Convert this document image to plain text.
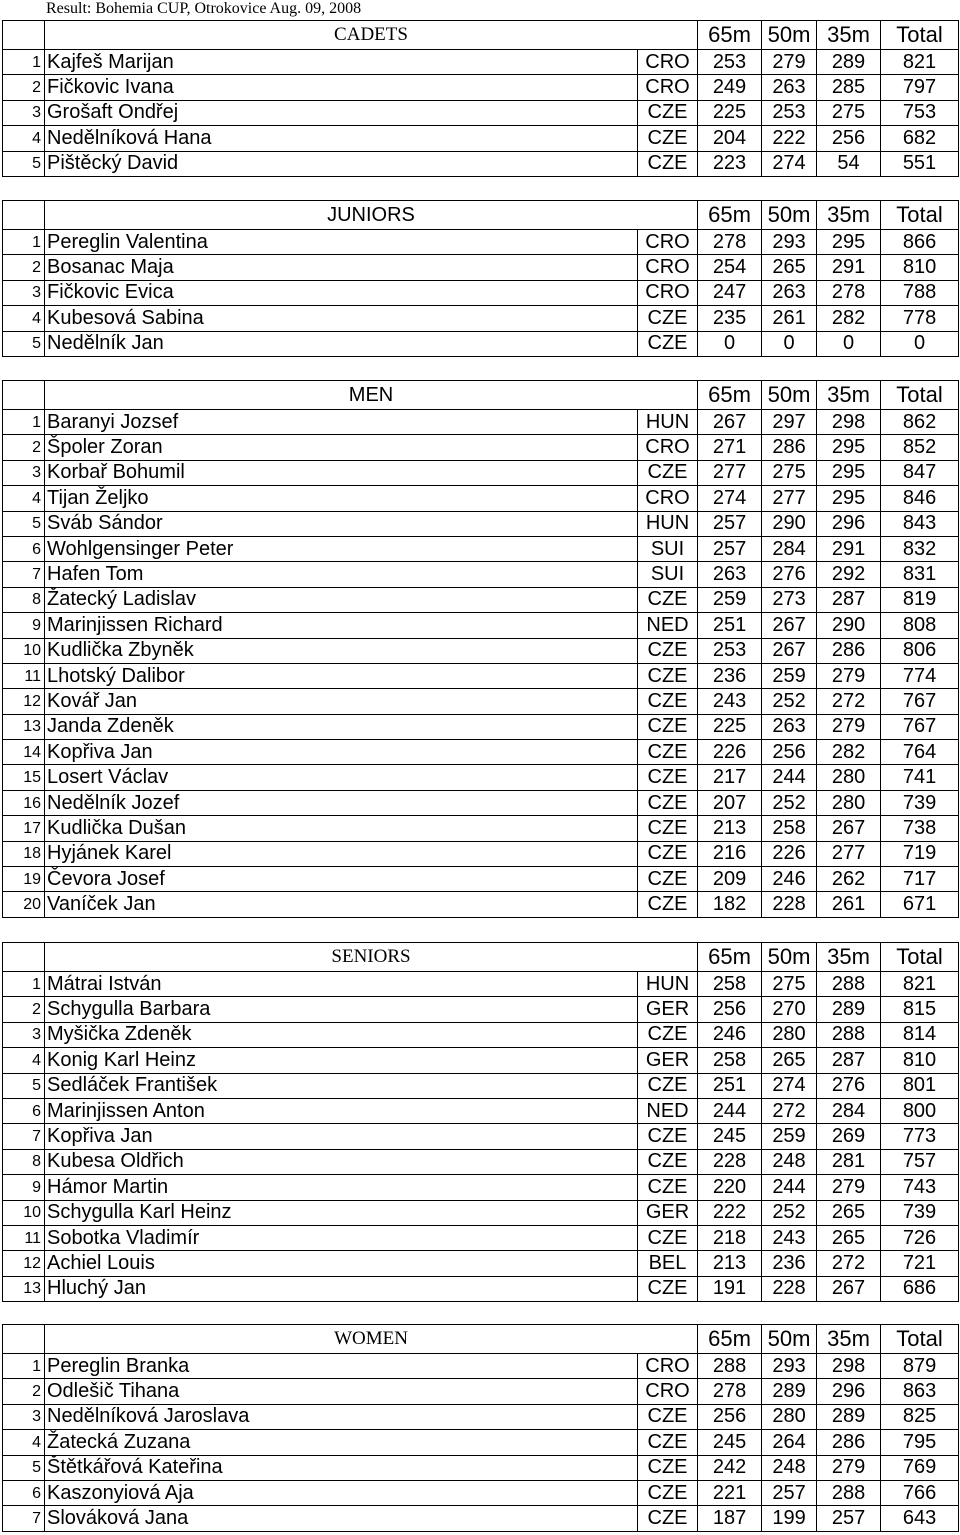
Result: Bohemia CUP, Otrokovice Aug. 09, 2008
	CADETS		65m	50m	35m	Total
1	Kajfeš Marijan	CRO	253	279	289	821
2	Fičkovic Ivana	CRO	249	263	285	797
3	Grošaft Ondřej	CZE	225	253	275	753
4	Nedělníková Hana	CZE	204	222	256	682
5	Pištěcký David	CZE	223	274	54	551
	JUNIORS		65m	50m	35m	Total
1	Pereglin Valentina	CRO	278	293	295	866
2	Bosanac Maja	CRO	254	265	291	810
3	Fičkovic Evica	CRO	247	263	278	788
4	Kubesová Sabina	CZE	235	261	282	778
5	Nedělník Jan	CZE	0	0	0	0
	MEN		65m	50m	35m	Total
1	Baranyi Jozsef	HUN	267	297	298	862
2	Špoler Zoran	CRO	271	286	295	852
3	Korbař Bohumil	CZE	277	275	295	847
4	Tijan Željko	CRO	274	277	295	846
5	Sváb Sándor	HUN	257	290	296	843
6	Wohlgensinger Peter	SUI	257	284	291	832
7	Hafen Tom	SUI	263	276	292	831
8	Žatecký Ladislav	CZE	259	273	287	819
9	Marinjissen Richard	NED	251	267	290	808
10	Kudlička Zbyněk	CZE	253	267	286	806
11	Lhotský Dalibor	CZE	236	259	279	774
12	Kovář Jan	CZE	243	252	272	767
13	Janda Zdeněk	CZE	225	263	279	767
14	Kopřiva Jan	CZE	226	256	282	764
15	Losert Václav	CZE	217	244	280	741
16	Nedělník Jozef	CZE	207	252	280	739
17	Kudlička Dušan	CZE	213	258	267	738
18	Hyjánek Karel	CZE	216	226	277	719
19	Čevora Josef	CZE	209	246	262	717
20	Vaníček Jan	CZE	182	228	261	671
	SENIORS		65m	50m	35m	Total
1	Mátrai István	HUN	258	275	288	821
2	Schygulla Barbara	GER	256	270	289	815
3	Myšička Zdeněk	CZE	246	280	288	814
4	Konig Karl Heinz	GER	258	265	287	810
5	Sedláček František	CZE	251	274	276	801
6	Marinjissen Anton	NED	244	272	284	800
7	Kopřiva Jan	CZE	245	259	269	773
8	Kubesa Oldřich	CZE	228	248	281	757
9	Hámor Martin	CZE	220	244	279	743
10	Schygulla Karl Heinz	GER	222	252	265	739
11	Sobotka Vladimír	CZE	218	243	265	726
12	Achiel Louis	BEL	213	236	272	721
13	Hluchý Jan	CZE	191	228	267	686
	WOMEN		65m	50m	35m	Total
1	Pereglin Branka	CRO	288	293	298	879
2	Odlešič Tihana	CRO	278	289	296	863
3	Nedělníková Jaroslava	CZE	256	280	289	825
4	Žatecká Zuzana	CZE	245	264	286	795
5	Štětkářová Kateřina	CZE	242	248	279	769
6	Kaszonyiová Aja	CZE	221	257	288	766
7	Slováková Jana	CZE	187	199	257	643
